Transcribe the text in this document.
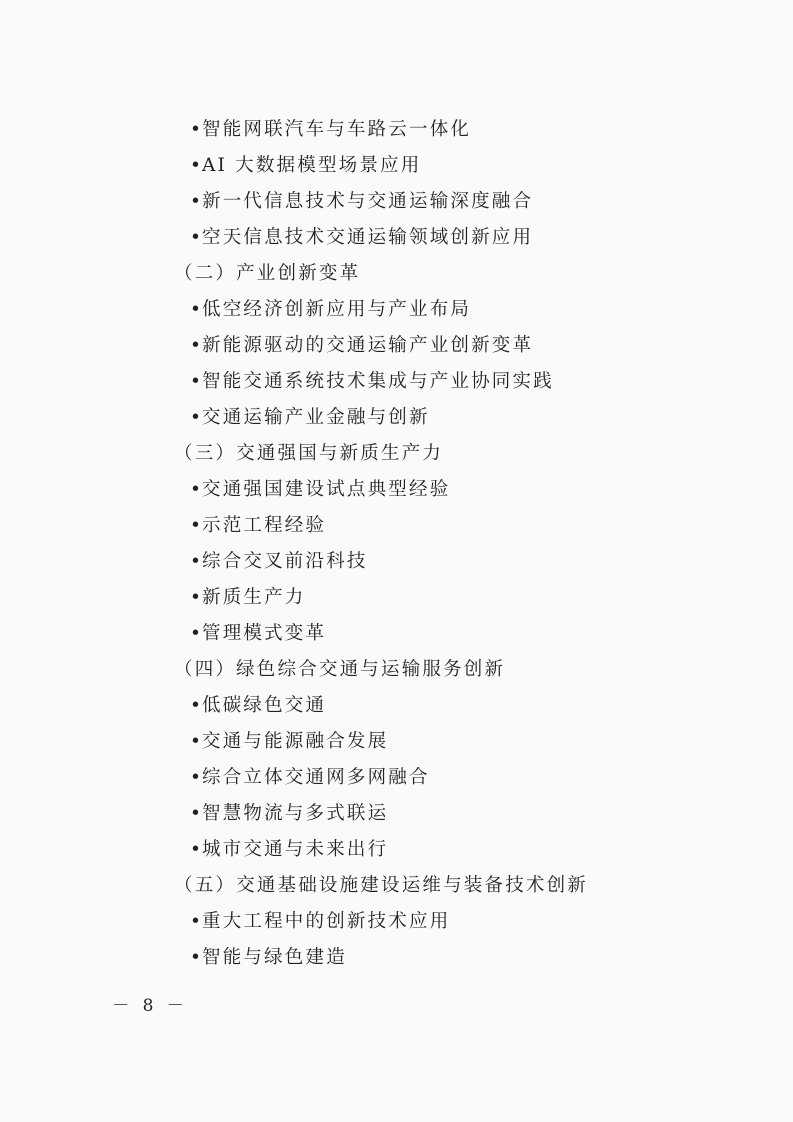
•智能网联汽车与车路云一体化
•AI 大数据模型场景应用
•新一代信息技术与交通运输深度融合
•空天信息技术交通运输领域创新应用
（二）产业创新变革
•低空经济创新应用与产业布局
•新能源驱动的交通运输产业创新变革
•智能交通系统技术集成与产业协同实践
•交通运输产业金融与创新
（三）交通强国与新质生产力
•交通强国建设试点典型经验
•示范工程经验
•综合交叉前沿科技
•新质生产力
•管理模式变革
（四）绿色综合交通与运输服务创新
•低碳绿色交通
•交通与能源融合发展
•综合立体交通网多网融合
•智慧物流与多式联运
•城市交通与未来出行
（五）交通基础设施建设运维与装备技术创新
•重大工程中的创新技术应用
•智能与绿色建造
－ 8 －
